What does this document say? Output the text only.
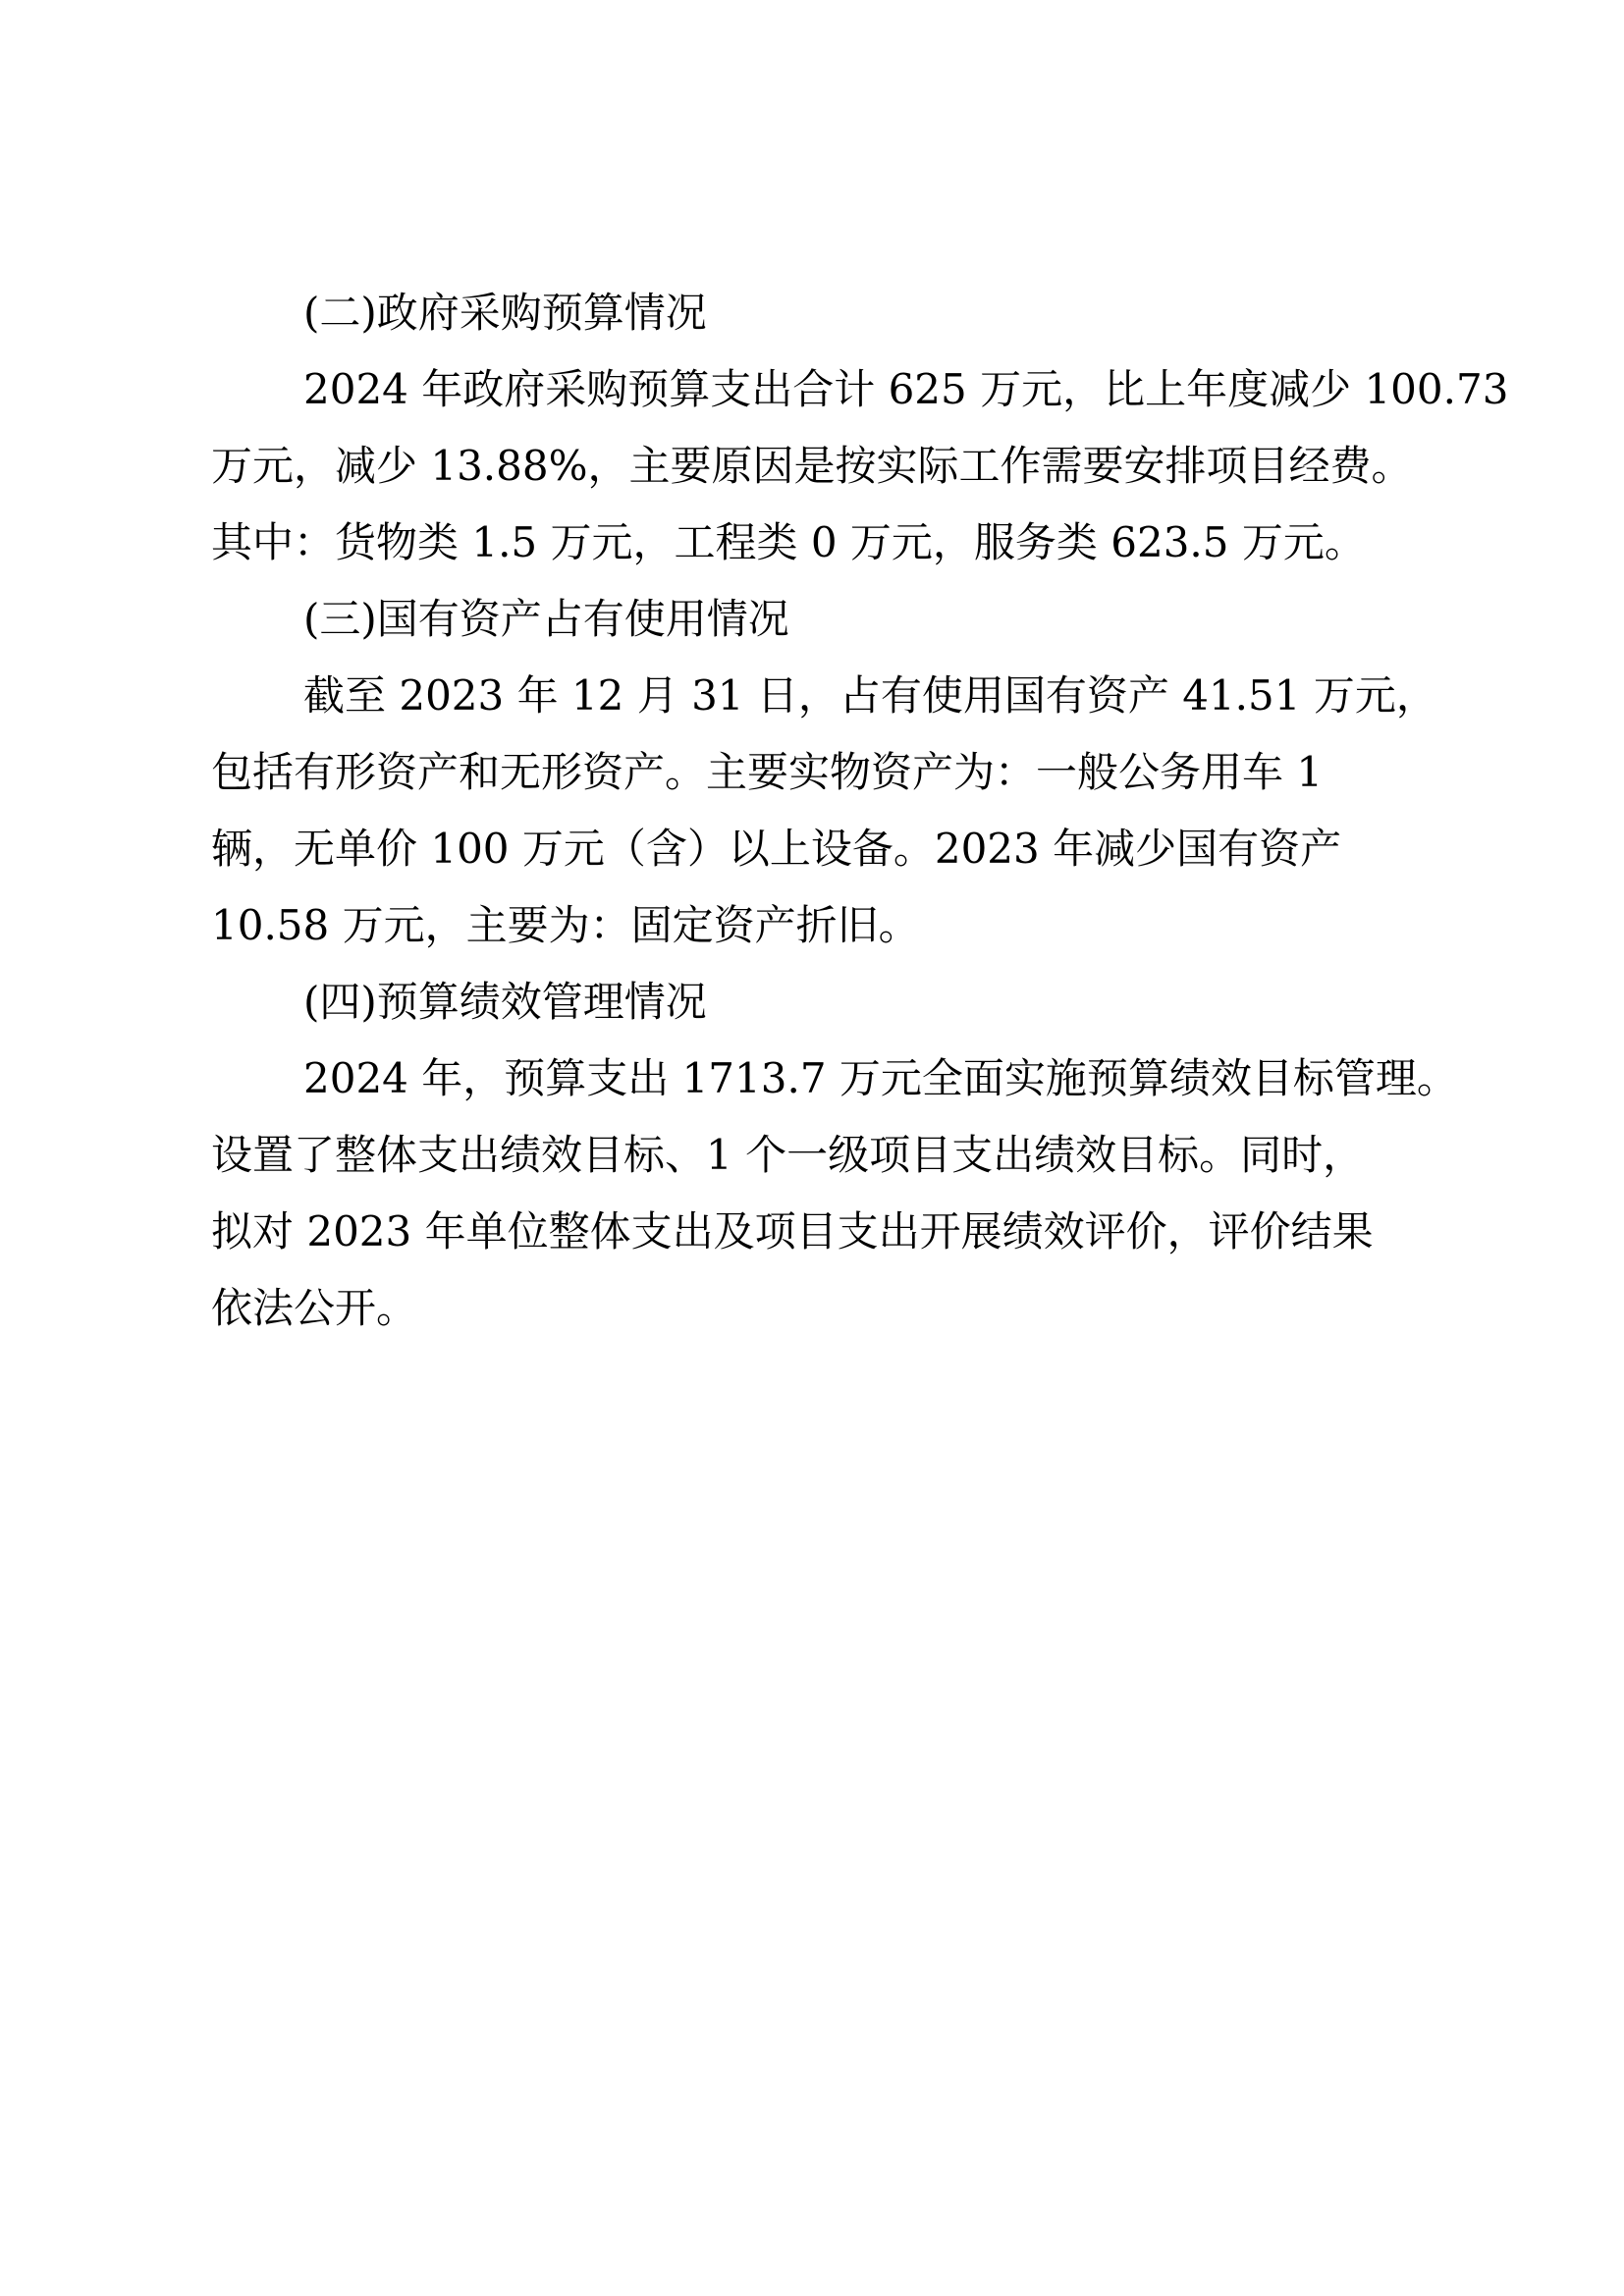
(二)政府采购预算情况

2024 年政府采购预算支出合计 625 万元，比上年度减少 100.73

万元，减少 13.88%，主要原因是按实际工作需要安排项目经费。

其中：货物类 1.5 万元，工程类 0 万元，服务类 623.5 万元。

(三)国有资产占有使用情况

截至 2023 年 12 月 31 日，占有使用国有资产 41.51 万元，

包括有形资产和无形资产。主要实物资产为：一般公务用车 1

辆，无单价 100 万元（含）以上设备。2023 年减少国有资产

10.58 万元，主要为：固定资产折旧。

(四)预算绩效管理情况

2024 年，预算支出 1713.7 万元全面实施预算绩效目标管理。

设置了整体支出绩效目标、1 个一级项目支出绩效目标。同时，

拟对 2023 年单位整体支出及项目支出开展绩效评价，评价结果

依法公开。
